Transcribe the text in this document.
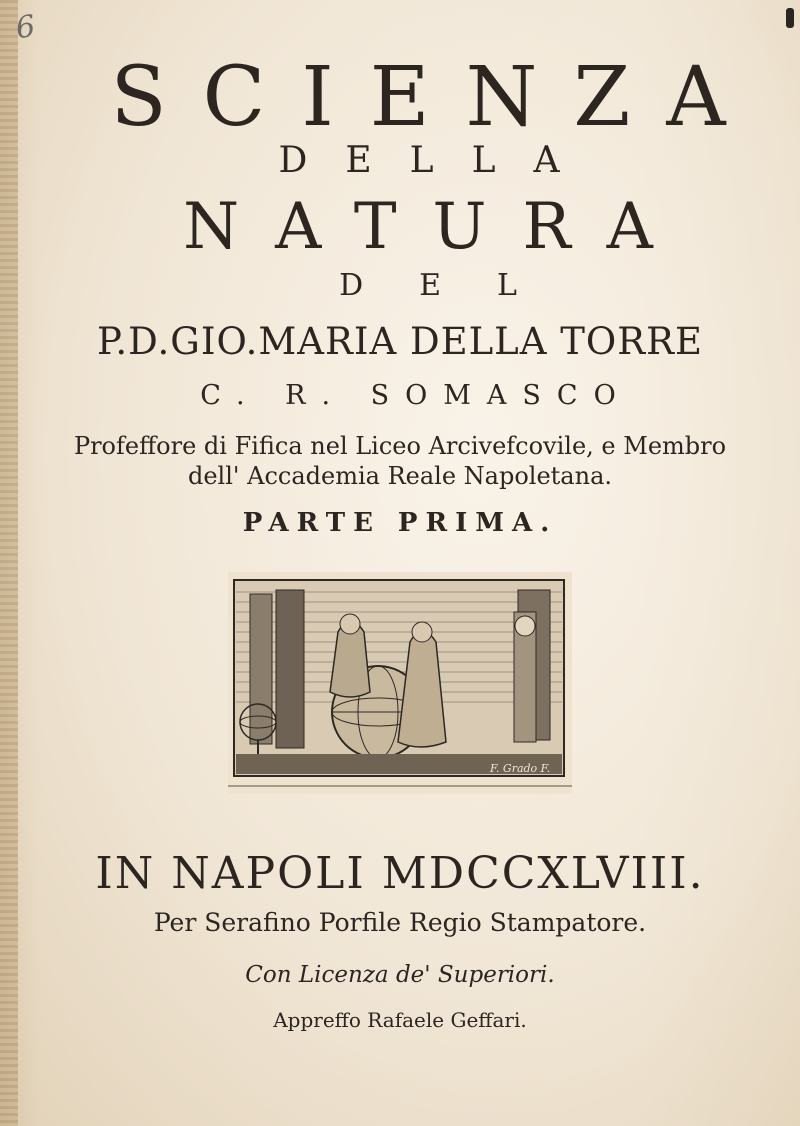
6

SCIENZA

DELLA

NATURA

DEL

P.D.GIO.MARIA DELLA TORRE

C. R. SOMASCO

Profeffore di Fifica nel Liceo Arcivefcovile, e Membro

dell' Accademia Reale Napoletana.

PARTE PRIMA.

F. Grado F.

IN NAPOLI MDCCXLVIII.

Per Serafino Porfile Regio Stampatore.

Con Licenza de' Superiori.

Appreffo Rafaele Geffari.
